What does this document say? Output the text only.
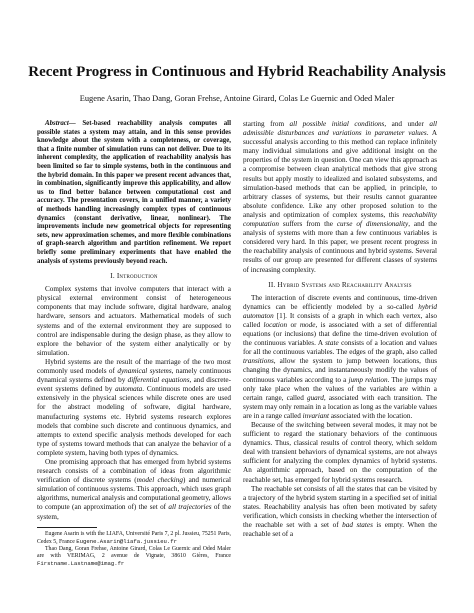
Recent Progress in Continuous and Hybrid Reachability Analysis
Eugene Asarin, Thao Dang, Goran Frehse, Antoine Girard, Colas Le Guernic and Oded Maler

Abstract— Set-based reachability analysis computes all possible states a system may attain, and in this sense provides knowledge about the system with a completeness, or coverage, that a finite number of simulation runs can not deliver. Due to its inherent complexity, the application of reachability analysis has been limited so far to simple systems, both in the continuous and the hybrid domain. In this paper we present recent advances that, in combination, significantly improve this applicability, and allow us to find better balance between computational cost and accuracy. The presentation covers, in a unified manner, a variety of methods handling increasingly complex types of continuous dynamics (constant derivative, linear, nonlinear). The improvements include new geometrical objects for representing sets, new approximation schemes, and more flexible combinations of graph-search algorithm and partition refinement. We report briefly some preliminary experiments that have enabled the analysis of systems previously beyond reach.

I. Introduction

Complex systems that involve computers that interact with a physical external environment consist of heterogeneous components that may include software, digital hardware, analog hardware, sensors and actuators. Mathematical models of such systems and of the external environment they are supposed to control are indispensable during the design phase, as they allow to explore the behavior of the system either analytically or by simulation.

Hybrid systems are the result of the marriage of the two most commonly used models of dynamical systems, namely continuous dynamical systems defined by differential equations, and discrete-event systems defined by automata. Continuous models are used extensively in the physical sciences while discrete ones are used for the abstract modeling of software, digital hardware, manufacturing systems etc. Hybrid systems research explores models that combine such discrete and continuous dynamics, and attempts to extend specific analysis methods developed for each type of systems toward methods that can analyze the behavior of a complete system, having both types of dynamics.

One promising approach that has emerged from hybrid systems research consists of a combination of ideas from algorithmic verification of discrete systems (model checking) and numerical simulation of continuous systems. This approach, which uses graph algorithms, numerical analysis and computational geometry, allows to compute (an approximation of) the set of all trajectories of the system,

Eugene Asarin is with the LIAFA, Université Paris 7, 2 pl. Jussieu, 75251 Paris, Cedex 5, France Eugene.Asarin@liafa.jussieu.fr

Thao Dang, Goran Frehse, Antoine Girard, Colas Le Guernic and Oded Maler are with VERIMAG, 2 avenue de Vignate, 38610 Gières, France Firstname.Lastname@imag.fr

starting from all possible initial conditions, and under all admissible disturbances and variations in parameter values. A successful analysis according to this method can replace infinitely many individual simulations and give additional insight on the properties of the system in question. One can view this approach as a compromise between clean analytical methods that give strong results but apply mostly to idealized and isolated subsystems, and simulation-based methods that can be applied, in principle, to arbitrary classes of systems, but their results cannot guarantee absolute confidence. Like any other proposed solution to the analysis and optimization of complex systems, this reachability computation suffers from the curse of dimensionality, and the analysis of systems with more than a few continuous variables is considered very hard. In this paper, we present recent progress in the reachability analysis of continuous and hybrid systems. Several results of our group are presented for different classes of systems of increasing complexity.

II. Hybrid Systems and Reachability Analysis

The interaction of discrete events and continuous, time-driven dynamics can be efficiently modeled by a so-called hybrid automaton [1]. It consists of a graph in which each vertex, also called location or mode, is associated with a set of differential equations (or inclusions) that define the time-driven evolution of the continuous variables. A state consists of a location and values for all the continuous variables. The edges of the graph, also called transitions, allow the system to jump between locations, thus changing the dynamics, and instantaneously modify the values of continuous variables according to a jump relation. The jumps may only take place when the values of the variables are within a certain range, called guard, associated with each transition. The system may only remain in a location as long as the variable values are in a range called invariant associated with the location.

Because of the switching between several modes, it may not be sufficient to regard the stationary behaviors of the continuous dynamics. Thus, classical results of control theory, which seldom deal with transient behaviors of dynamical systems, are not always sufficient for analyzing the complex dynamics of hybrid systems. An algorithmic approach, based on the computation of the reachable set, has emerged for hybrid systems research.

The reachable set consists of all the states that can be visited by a trajectory of the hybrid system starting in a specified set of initial states. Reachability analysis has often been motivated by safety verification, which consists in checking whether the intersection of the reachable set with a set of bad states is empty. When the reachable set of a
